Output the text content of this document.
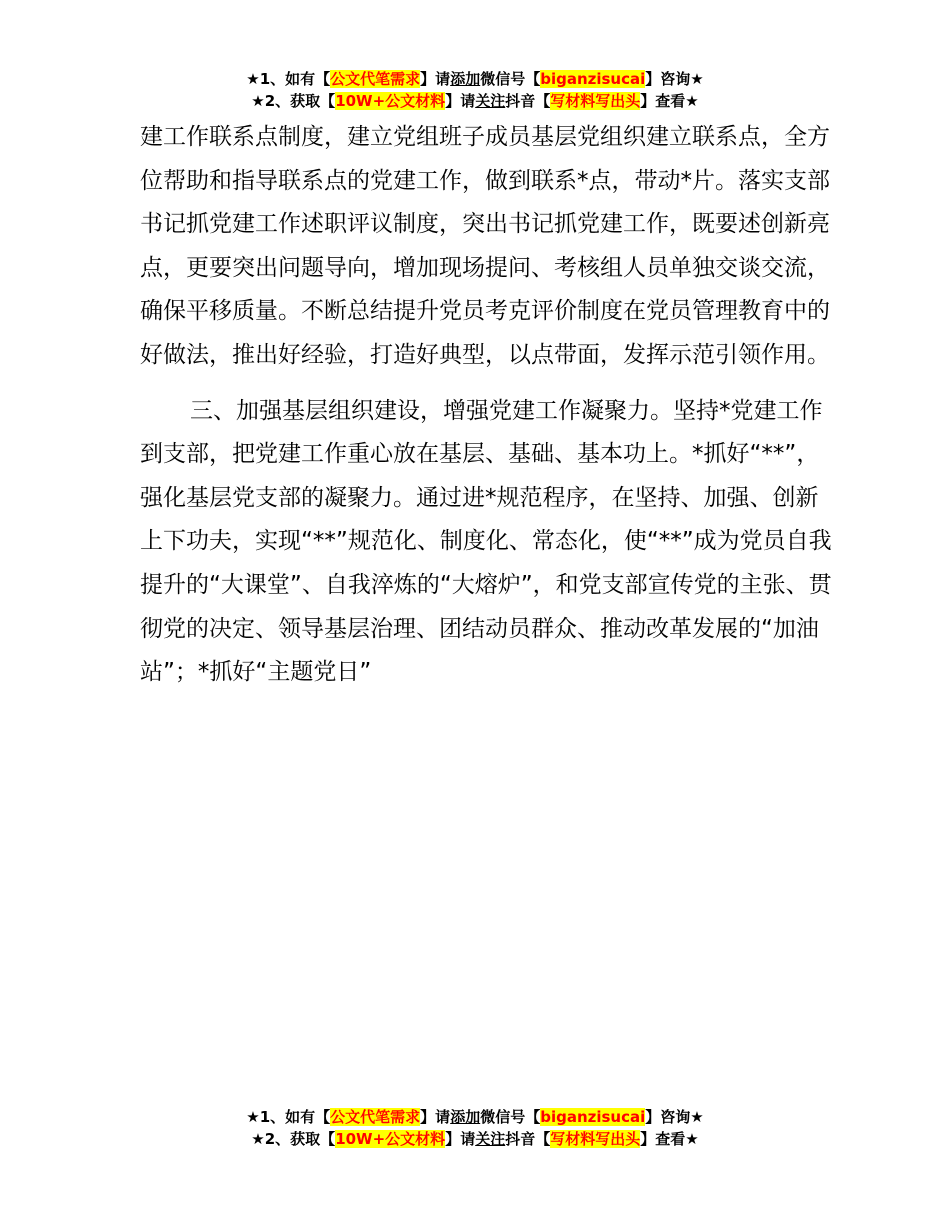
★1、如有【公文代笔需求】请添加微信号【biganzisucai】咨询★
★2、获取【10W+公文材料】请关注抖音【写材料写出头】查看★

建工作联系点制度，建立党组班子成员基层党组织建立联系点，全方位帮助和指导联系点的党建工作，做到联系*点，带动*片。落实支部书记抓党建工作述职评议制度，突出书记抓党建工作，既要述创新亮点，更要突出问题导向，增加现场提问、考核组人员单独交谈交流，确保平移质量。不断总结提升党员考克评价制度在党员管理教育中的好做法，推出好经验，打造好典型，以点带面，发挥示范引领作用。

三、加强基层组织建设，增强党建工作凝聚力。坚持*党建工作到支部，把党建工作重心放在基层、基础、基本功上。*抓好“**”，强化基层党支部的凝聚力。通过进*规范程序，在坚持、加强、创新上下功夫，实现“**”规范化、制度化、常态化，使“**”成为党员自我提升的“大课堂”、自我淬炼的“大熔炉”，和党支部宣传党的主张、贯彻党的决定、领导基层治理、团结动员群众、推动改革发展的“加油站”；*抓好“主题党日”

★1、如有【公文代笔需求】请添加微信号【biganzisucai】咨询★
★2、获取【10W+公文材料】请关注抖音【写材料写出头】查看★
